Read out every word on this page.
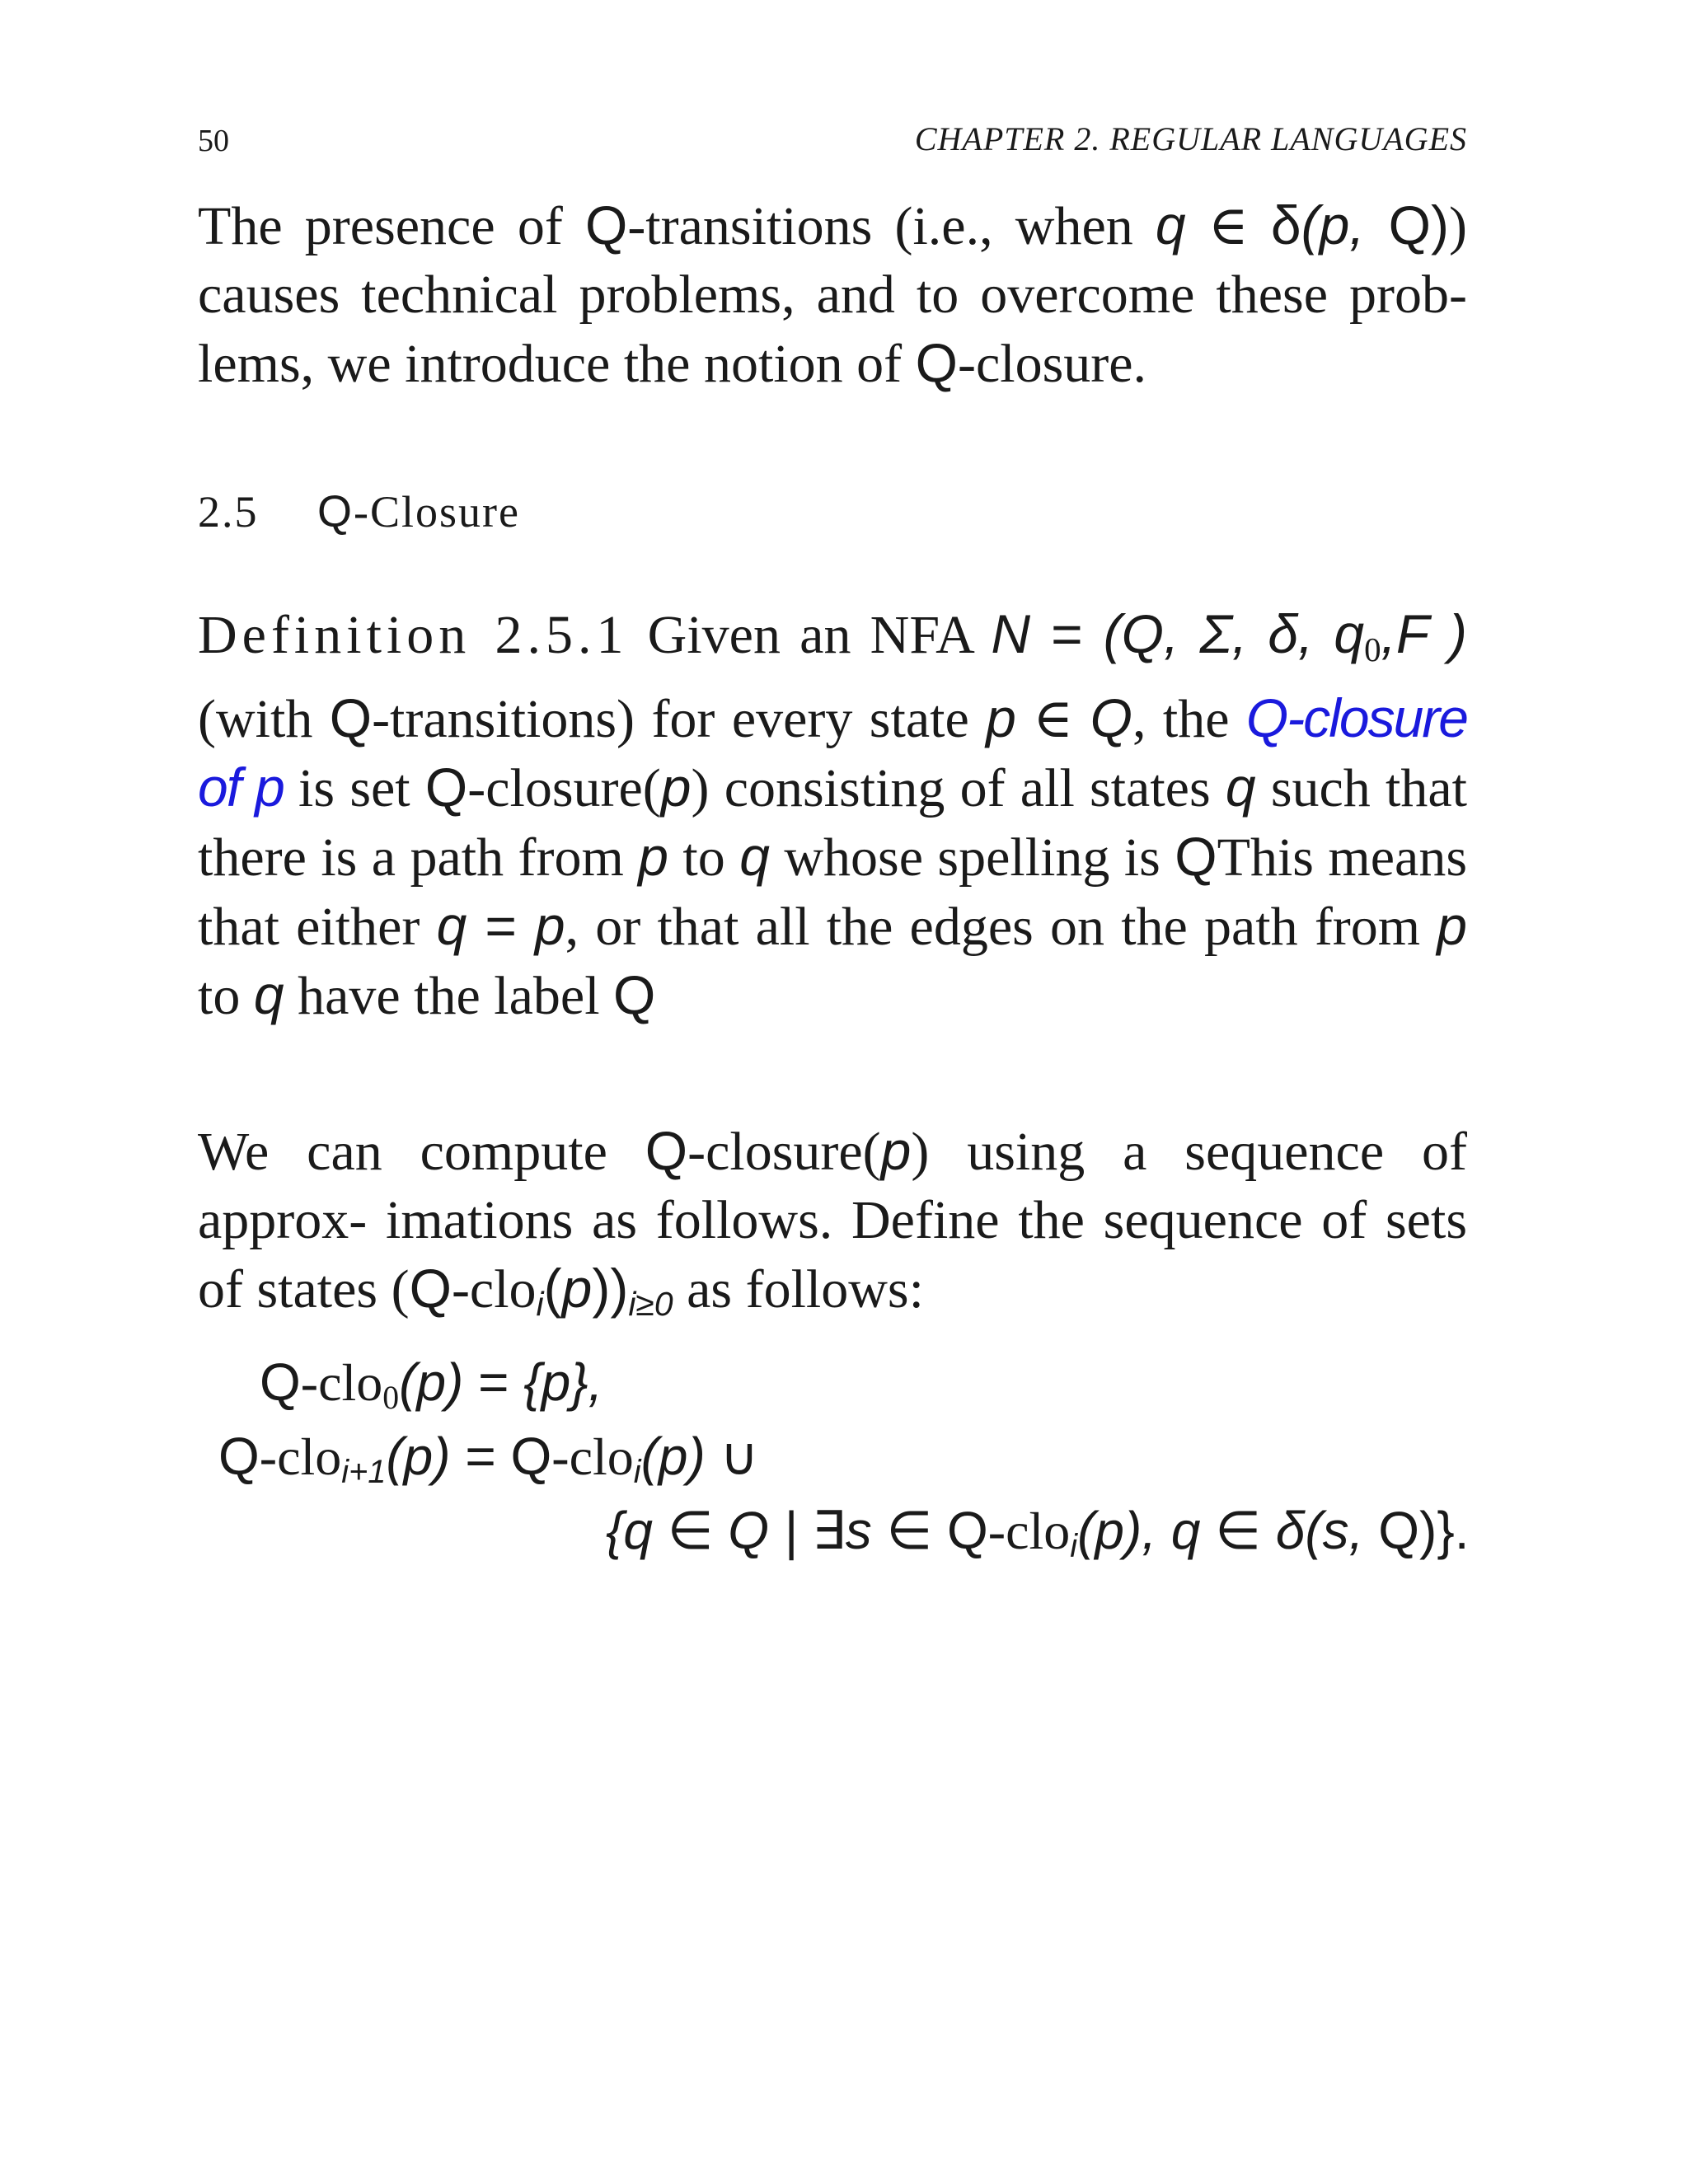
50	CHAPTER 2. REGULAR LANGUAGES
The presence of Q-transitions (i.e., when q ∈ δ(p, Q)) causes technical problems, and to overcome these prob- lems, we introduce the notion of Q-closure.
2.5 Q-Closure
Definition 2.5.1 Given an NFA N = (Q, Σ, δ, $q_0,F$ ) (with Q-transitions) for every state p ∈ Q, the Q-closure of p is set Q-closure(p) consisting of all states q such that there is a path from p to q whose spelling is QThis means that either q = p, or that all the edges on the path from p to q have the label Q
We can compute Q-closure(p) using a sequence of approx- imations as follows. Define the sequence of sets of states $(Q-clo_i(p))_{i\ge 0}$ as follows:
Q-clo$_0$(p) = {p},
Q-clo$_{i+1}$(p) = Q-clo$_i$(p) ∪
{q ∈ Q | ∃s ∈ Q-clo$_i$(p), q ∈ δ(s, Q)}.
